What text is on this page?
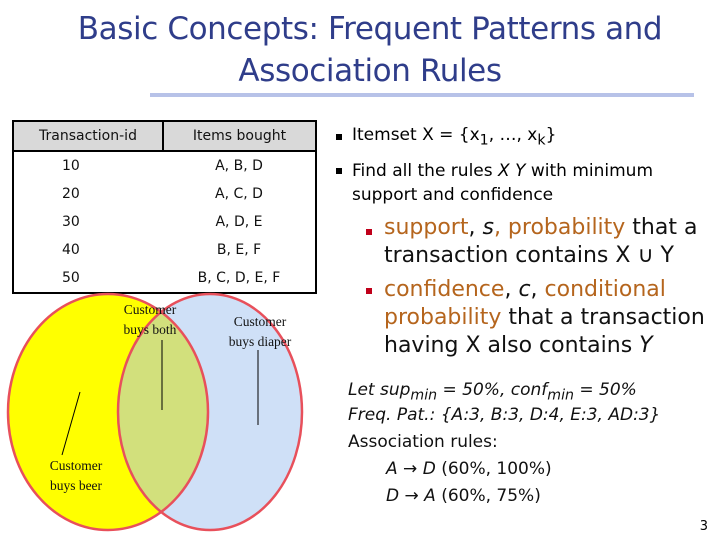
Basic Concepts: Frequent Patterns and
Association Rules
Transaction-id	Items bought
10	A, B, D
20	A, C, D
30	A, D, E
40	B, E, F
50	B, C, D, E, F
Customer
buys both
Customer
buys diaper
Customer
buys beer
Itemset $X = \{x_1$, …, $x_k$}
Find all the rules X Y with minimum
support and confidence
support, s, probability that a
transaction contains X ∪ Y
confidence, c, conditional
probability that a transaction
having X also contains Y
Let sup$_{min}$ = 50%, conf$_{min}$ = 50%
Freq. Pat.: {A:3, B:3, D:4, E:3, AD:3}
Association rules:
A → D (60%, 100%)
D → A (60%, 75%)
3
